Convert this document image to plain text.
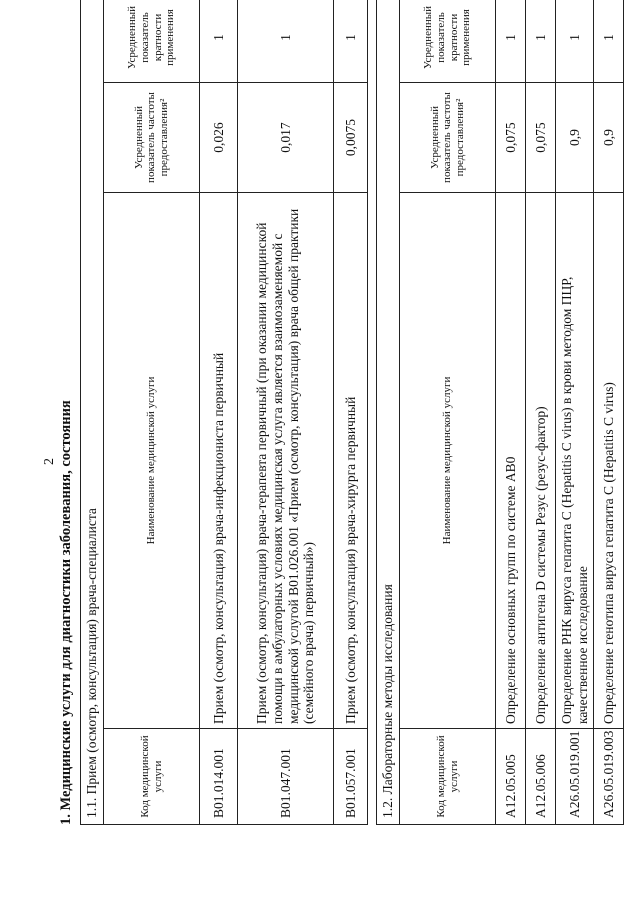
2 1. Медицинские услуги для диагностики заболевания, состояния 1.1. Прием (осмотр, консультация) врача-специалиста			
Код медицинской услуги	Наименование медицинской услуги	Усредненный показатель частоты предоставления²	Усредненный показатель кратности применения
B01.014.001	Прием (осмотр, консультация) врача-инфекциониста первичный	0,026	1
B01.047.001	Прием (осмотр, консультация) врача-терапевта первичный (при оказании медицинской помощи в амбулаторных условиях медицинская услуга является взаимозаменяемой с медицинской услугой B01.026.001 «Прием (осмотр, консультация) врача общей практики (семейного врача) первичный»)	0,017	1
B01.057.001	Прием (осмотр, консультация) врача-хирурга первичный	0,0075	1
1.2. Лабораторные методы исследования			
Код медицинской услуги	Наименование медицинской услуги	Усредненный показатель частоты предоставления²	Усредненный показатель кратности применения
A12.05.005	Определение основных групп по системе AB0	0,075	1
A12.05.006	Определение антигена D системы Резус (резус-фактор)	0,075	1
A26.05.019.001	Определение РНК вируса гепатита C (Hepatitis C virus) в крови методом ПЦР, качественное исследование	0,9	1
A26.05.019.003	Определение генотипа вируса гепатита C (Hepatitis C virus)	0,9	1
